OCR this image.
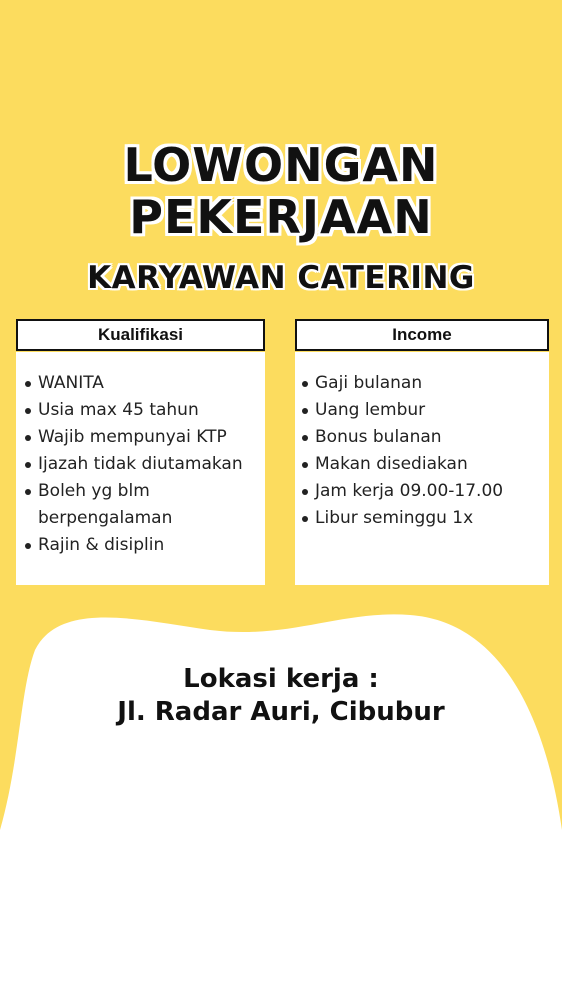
LOWONGAN
PEKERJAAN
KARYAWAN CATERING
Kualifikasi	Income
WANITA
Usia max 45 tahun
Wajib mempunyai KTP
Ijazah tidak diutamakan
Boleh yg blm berpengalaman
Rajin & disiplin
Gaji bulanan
Uang lembur
Bonus bulanan
Makan disediakan
Jam kerja 09.00-17.00
Libur seminggu 1x
Lokasi kerja :
Jl. Radar Auri, Cibubur
